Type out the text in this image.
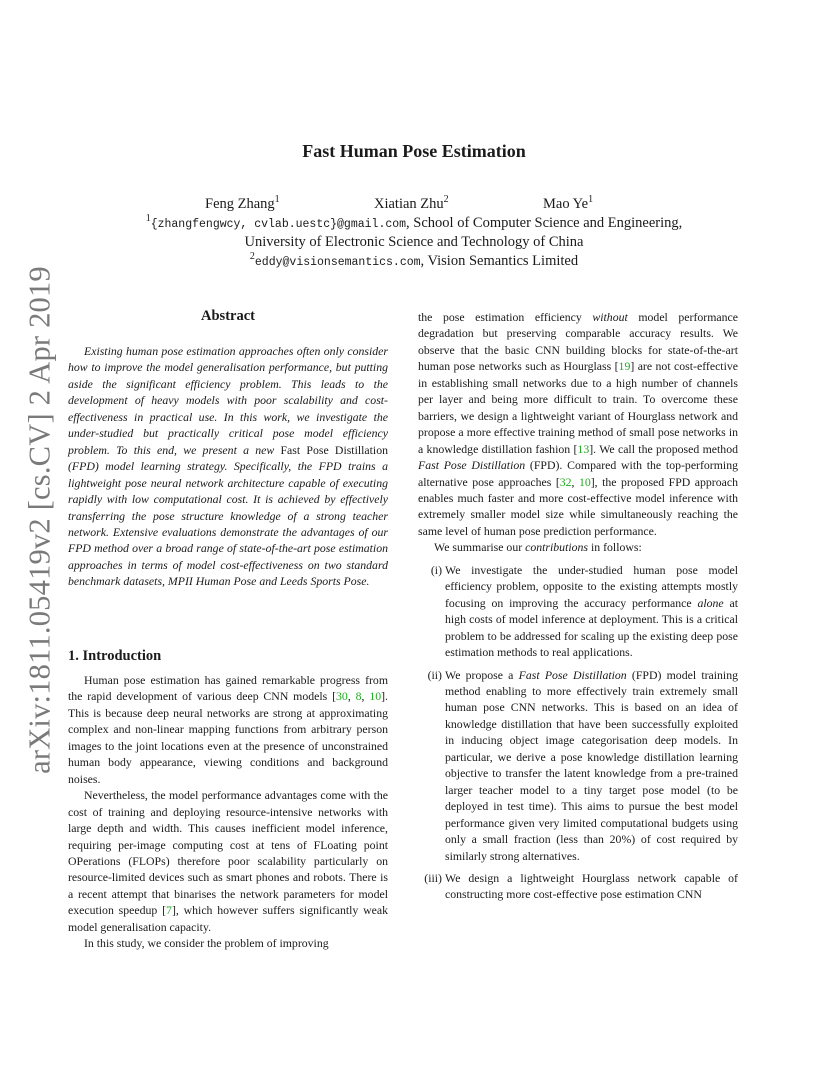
arXiv:1811.05419v2 [cs.CV] 2 Apr 2019
Fast Human Pose Estimation
Feng Zhang$^1$	Xiatian Zhu$^2$	Mao Ye$^1$
$^1${zhangfengwcy, cvlab.uestc}@gmail.com, School of Computer Science and Engineering,
University of Electronic Science and Technology of China
$^2$eddy@visionsemantics.com, Vision Semantics Limited
Abstract

Existing human pose estimation approaches often only consider how to improve the model generalisation performance, but putting aside the significant efficiency problem. This leads to the development of heavy models with poor scalability and cost-effectiveness in practical use. In this work, we investigate the under-studied but practically critical pose model efficiency problem. To this end, we present a new Fast Pose Distillation (FPD) model learning strategy. Specifically, the FPD trains a lightweight pose neural network architecture capable of executing rapidly with low computational cost. It is achieved by effectively transferring the pose structure knowledge of a strong teacher network. Extensive evaluations demonstrate the advantages of our FPD method over a broad range of state-of-the-art pose estimation approaches in terms of model cost-effectiveness on two standard benchmark datasets, MPII Human Pose and Leeds Sports Pose.

1. Introduction

Human pose estimation has gained remarkable progress from the rapid development of various deep CNN models [30, 8, 10]. This is because deep neural networks are strong at approximating complex and non-linear mapping functions from arbitrary person images to the joint locations even at the presence of unconstrained human body appearance, viewing conditions and background noises.

Nevertheless, the model performance advantages come with the cost of training and deploying resource-intensive networks with large depth and width. This causes inefficient model inference, requiring per-image computing cost at tens of FLoating point OPerations (FLOPs) therefore poor scalability particularly on resource-limited devices such as smart phones and robots. There is a recent attempt that binarises the network parameters for model execution speedup [7], which however suffers significantly weak model generalisation capacity.

In this study, we consider the problem of improving

the pose estimation efficiency without model performance degradation but preserving comparable accuracy results. We observe that the basic CNN building blocks for state-of-the-art human pose networks such as Hourglass [19] are not cost-effective in establishing small networks due to a high number of channels per layer and being more difficult to train. To overcome these barriers, we design a lightweight variant of Hourglass network and propose a more effective training method of small pose networks in a knowledge distillation fashion [13]. We call the proposed method Fast Pose Distillation (FPD). Compared with the top-performing alternative pose approaches [32, 10], the proposed FPD approach enables much faster and more cost-effective model inference with extremely smaller model size while simultaneously reaching the same level of human pose prediction performance.

We summarise our contributions in follows:

(i) We investigate the under-studied human pose model efficiency problem, opposite to the existing attempts mostly focusing on improving the accuracy performance alone at high costs of model inference at deployment. This is a critical problem to be addressed for scaling up the existing deep pose estimation methods to real applications.

(ii) We propose a Fast Pose Distillation (FPD) model training method enabling to more effectively train extremely small human pose CNN networks. This is based on an idea of knowledge distillation that have been successfully exploited in inducing object image categorisation deep models. In particular, we derive a pose knowledge distillation learning objective to transfer the latent knowledge from a pre-trained larger teacher model to a tiny target pose model (to be deployed in test time). This aims to pursue the best model performance given very limited computational budgets using only a small fraction (less than 20%) of cost required by similarly strong alternatives.

(iii) We design a lightweight Hourglass network capable of constructing more cost-effective pose estimation CNN
